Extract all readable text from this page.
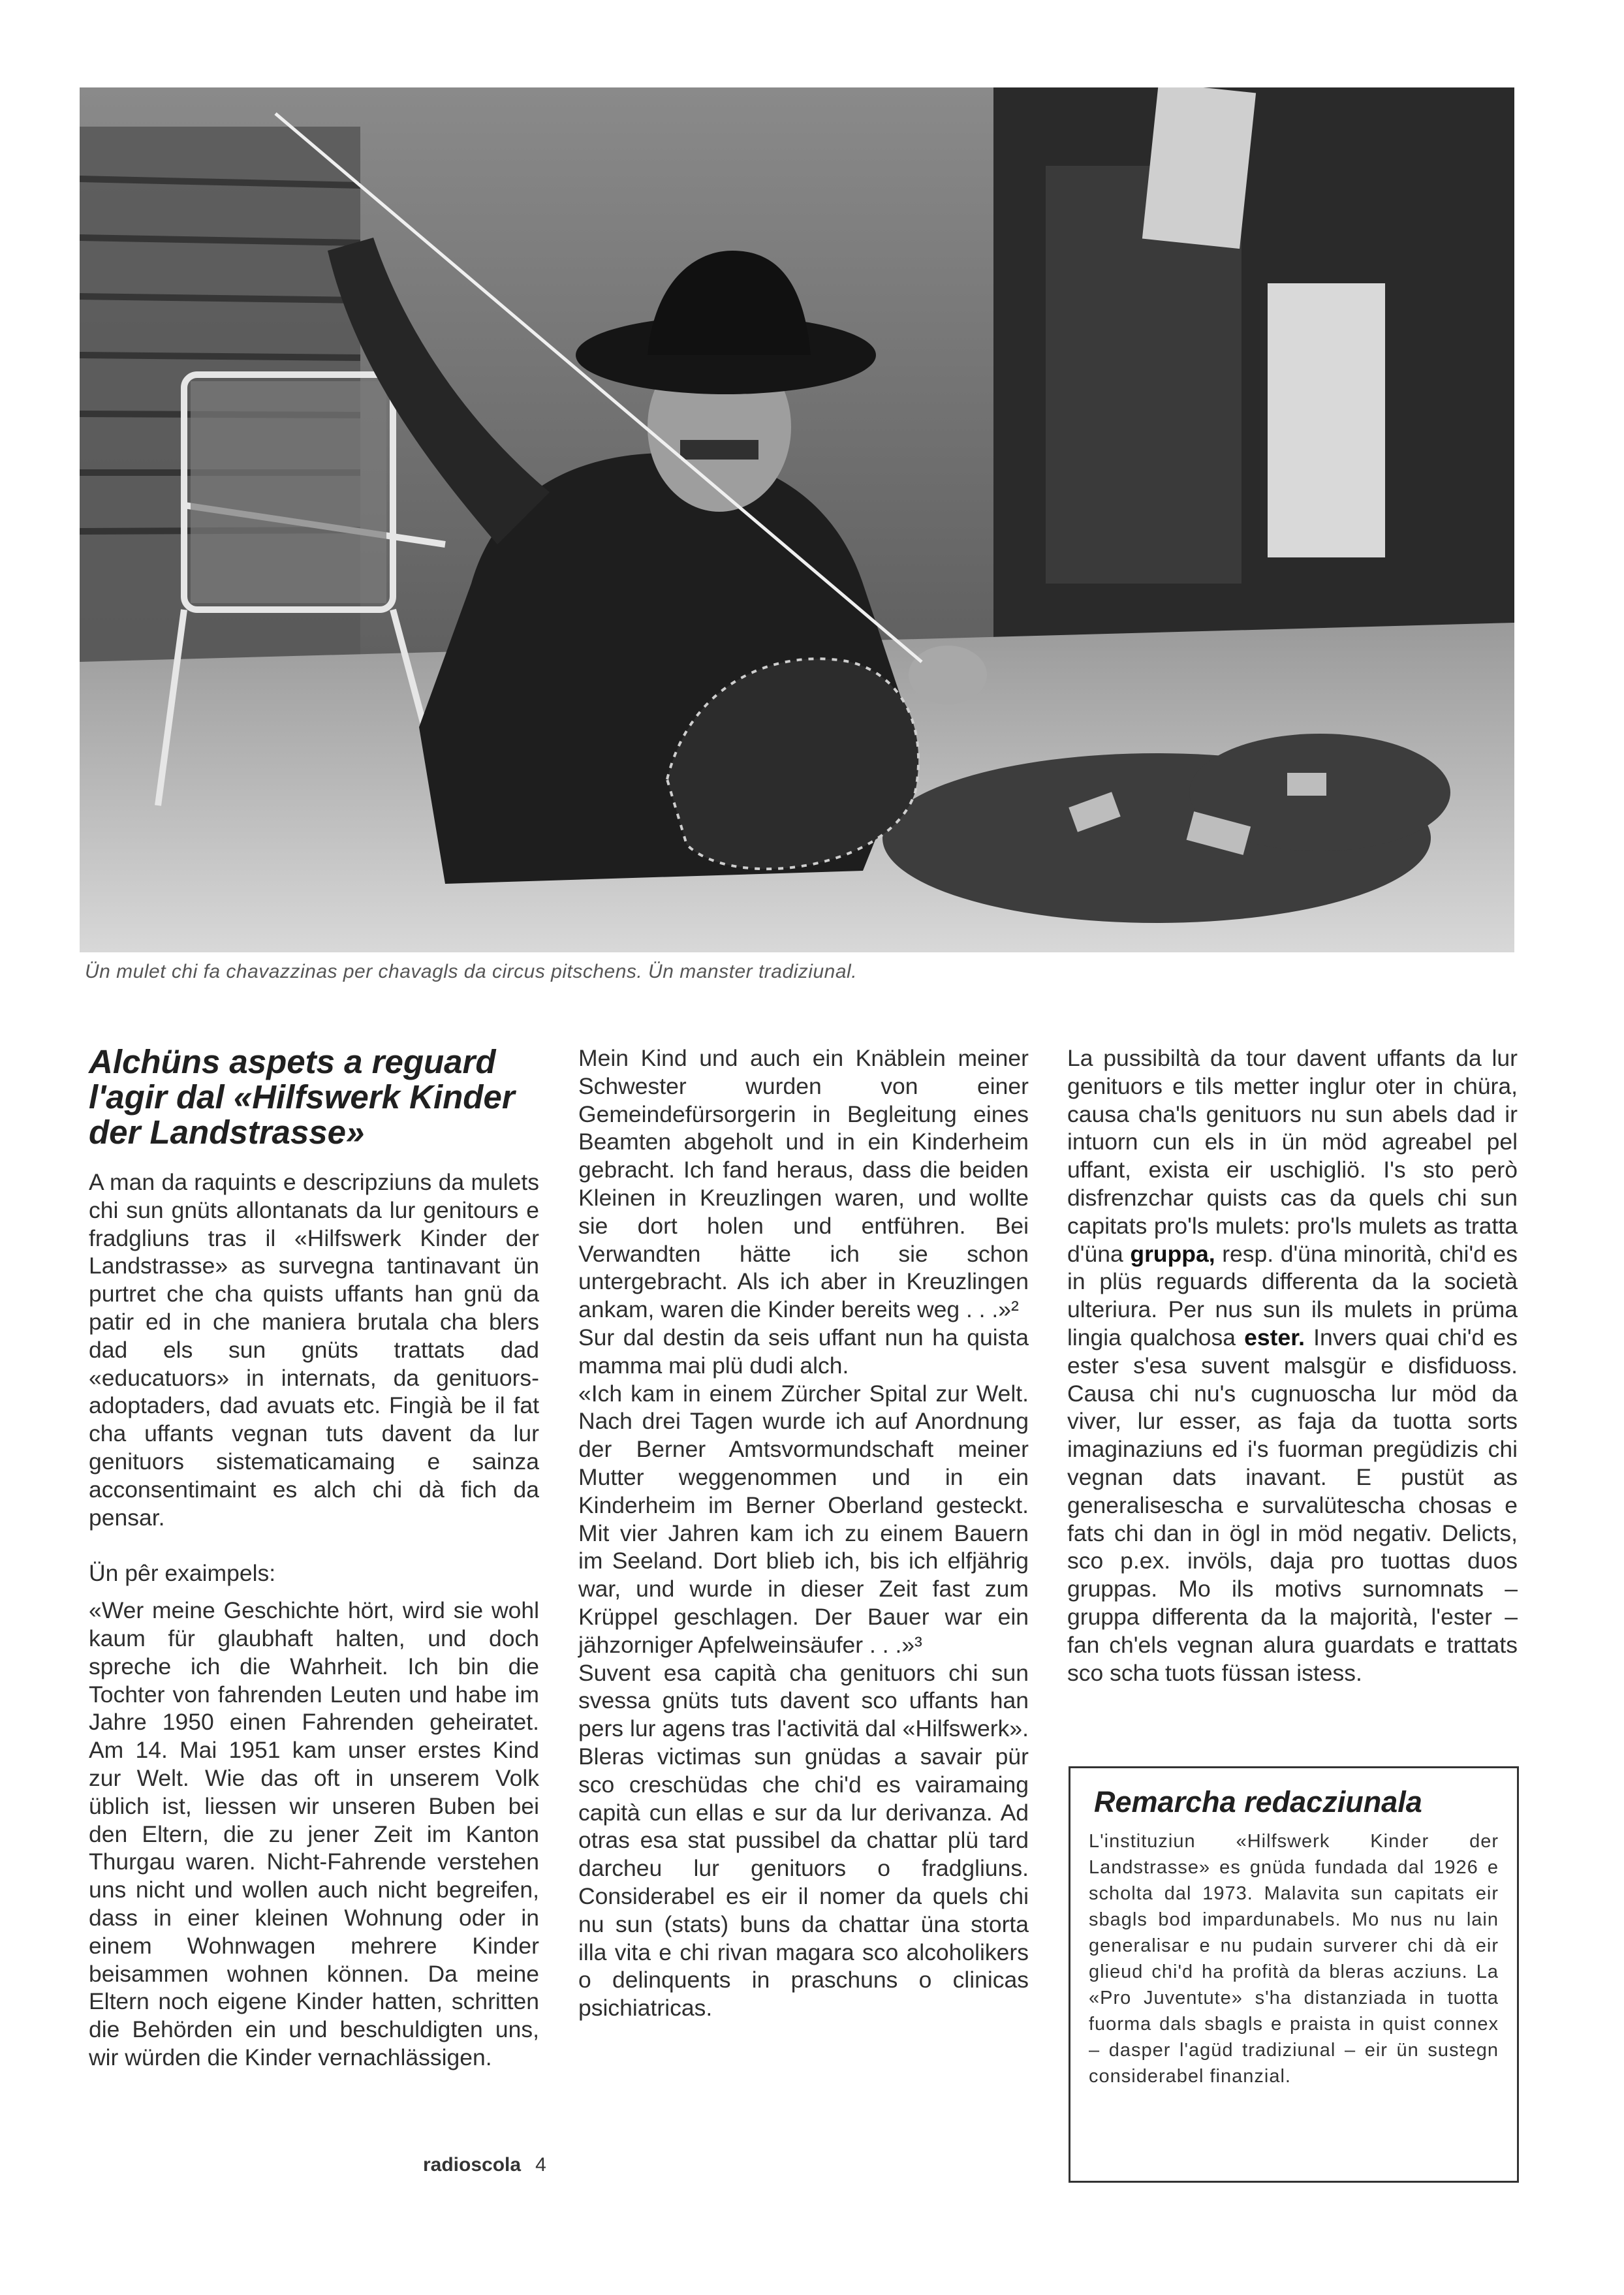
Ün mulet chi fa chavazzinas per chavagls da circus pitschens. Ün manster tradiziunal.
Alchüns aspets a reguard l'agir dal «Hilfswerk Kinder der Landstrasse»

A man da raquints e descripziuns da mulets chi sun gnüts allontanats da lur genitours e fradgliuns tras il «Hilfswerk Kinder der Landstrasse» as survegna tantinavant ün purtret che cha quists uffants han gnü da patir ed in che maniera brutala cha blers dad els sun gnüts trattats dad «educatuors» in internats, da genituors-adoptaders, dad avuats etc. Fingià be il fat cha uffants vegnan tuts davent da lur genituors sistematicamaing e sainza acconsentimaint es alch chi dà fich da pensar.

Ün pêr exaimpels:

«Wer meine Geschichte hört, wird sie wohl kaum für glaubhaft halten, und doch spreche ich die Wahrheit. Ich bin die Tochter von fahrenden Leuten und habe im Jahre 1950 einen Fahrenden geheiratet. Am 14. Mai 1951 kam unser erstes Kind zur Welt. Wie das oft in unserem Volk üblich ist, liessen wir unseren Buben bei den Eltern, die zu jener Zeit im Kanton Thurgau waren. Nicht-Fahrende verstehen uns nicht und wollen auch nicht begreifen, dass in einer kleinen Wohnung oder in einem Wohnwagen mehrere Kinder beisammen wohnen können. Da meine Eltern noch eigene Kinder hatten, schritten die Behörden ein und beschuldigten uns, wir würden die Kinder vernachlässigen.

Mein Kind und auch ein Knäblein meiner Schwester wurden von einer Gemeindefürsorgerin in Begleitung eines Beamten abgeholt und in ein Kinderheim gebracht. Ich fand heraus, dass die beiden Kleinen in Kreuzlingen waren, und wollte sie dort holen und entführen. Bei Verwandten hätte ich sie schon untergebracht. Als ich aber in Kreuzlingen ankam, waren die Kinder bereits weg . . .»²

Sur dal destin da seis uffant nun ha quista mamma mai plü dudi alch.

«Ich kam in einem Zürcher Spital zur Welt. Nach drei Tagen wurde ich auf Anordnung der Berner Amtsvormundschaft meiner Mutter weggenommen und in ein Kinderheim im Berner Oberland gesteckt. Mit vier Jahren kam ich zu einem Bauern im Seeland. Dort blieb ich, bis ich elfjährig war, und wurde in dieser Zeit fast zum Krüppel geschlagen. Der Bauer war ein jähzorniger Apfelweinsäufer . . .»³

Suvent esa capità cha genituors chi sun svessa gnüts tuts davent sco uffants han pers lur agens tras l'activitä dal «Hilfswerk». Bleras victimas sun gnüdas a savair pür sco creschüdas che chi'd es vairamaing capità cun ellas e sur da lur derivanza. Ad otras esa stat pussibel da chattar plü tard darcheu lur genituors o fradgliuns. Considerabel es eir il nomer da quels chi nu sun (stats) buns da chattar üna storta illa vita e chi rivan magara sco alcoholikers o delinquents in praschuns o clinicas psichiatricas.

La pussibiltà da tour davent uffants da lur genituors e tils metter inglur oter in chüra, causa cha'ls genituors nu sun abels dad ir intuorn cun els in ün möd agreabel pel uffant, exista eir uschigliö. I's sto però disfrenzchar quists cas da quels chi sun capitats pro'ls mulets: pro'ls mulets as tratta d'üna gruppa, resp. d'üna minorità, chi'd es in plüs reguards differenta da la società ulteriura. Per nus sun ils mulets in prüma lingia qualchosa ester. Invers quai chi'd es ester s'esa suvent malsgür e disfiduoss. Causa chi nu's cugnuoscha lur möd da viver, lur esser, as faja da tuotta sorts imaginaziuns ed i's fuorman pregüdizis chi vegnan dats inavant. E pustüt as generalisescha e survalütescha chosas e fats chi dan in ögl in möd negativ. Delicts, sco p.ex. invöls, daja pro tuottas duos gruppas. Mo ils motivs surnomnats – gruppa differenta da la majorità, l'ester – fan ch'els vegnan alura guardats e trattats sco scha tuots füssan istess.

Remarcha redacziunala
L'instituziun «Hilfswerk Kinder der Landstrasse» es gnüda fundada dal 1926 e scholta dal 1973. Malavita sun capitats eir sbagls bod impardunabels. Mo nus nu lain generalisar e nu pudain surverer chi dà eir glieud chi'd ha profità da bleras acziuns. La «Pro Juventute» s'ha distanziada in tuotta fuorma dals sbagls e praista in quist connex – dasper l'agüd tradiziunal – eir ün sustegn considerabel finanzial.
radioscola 4
